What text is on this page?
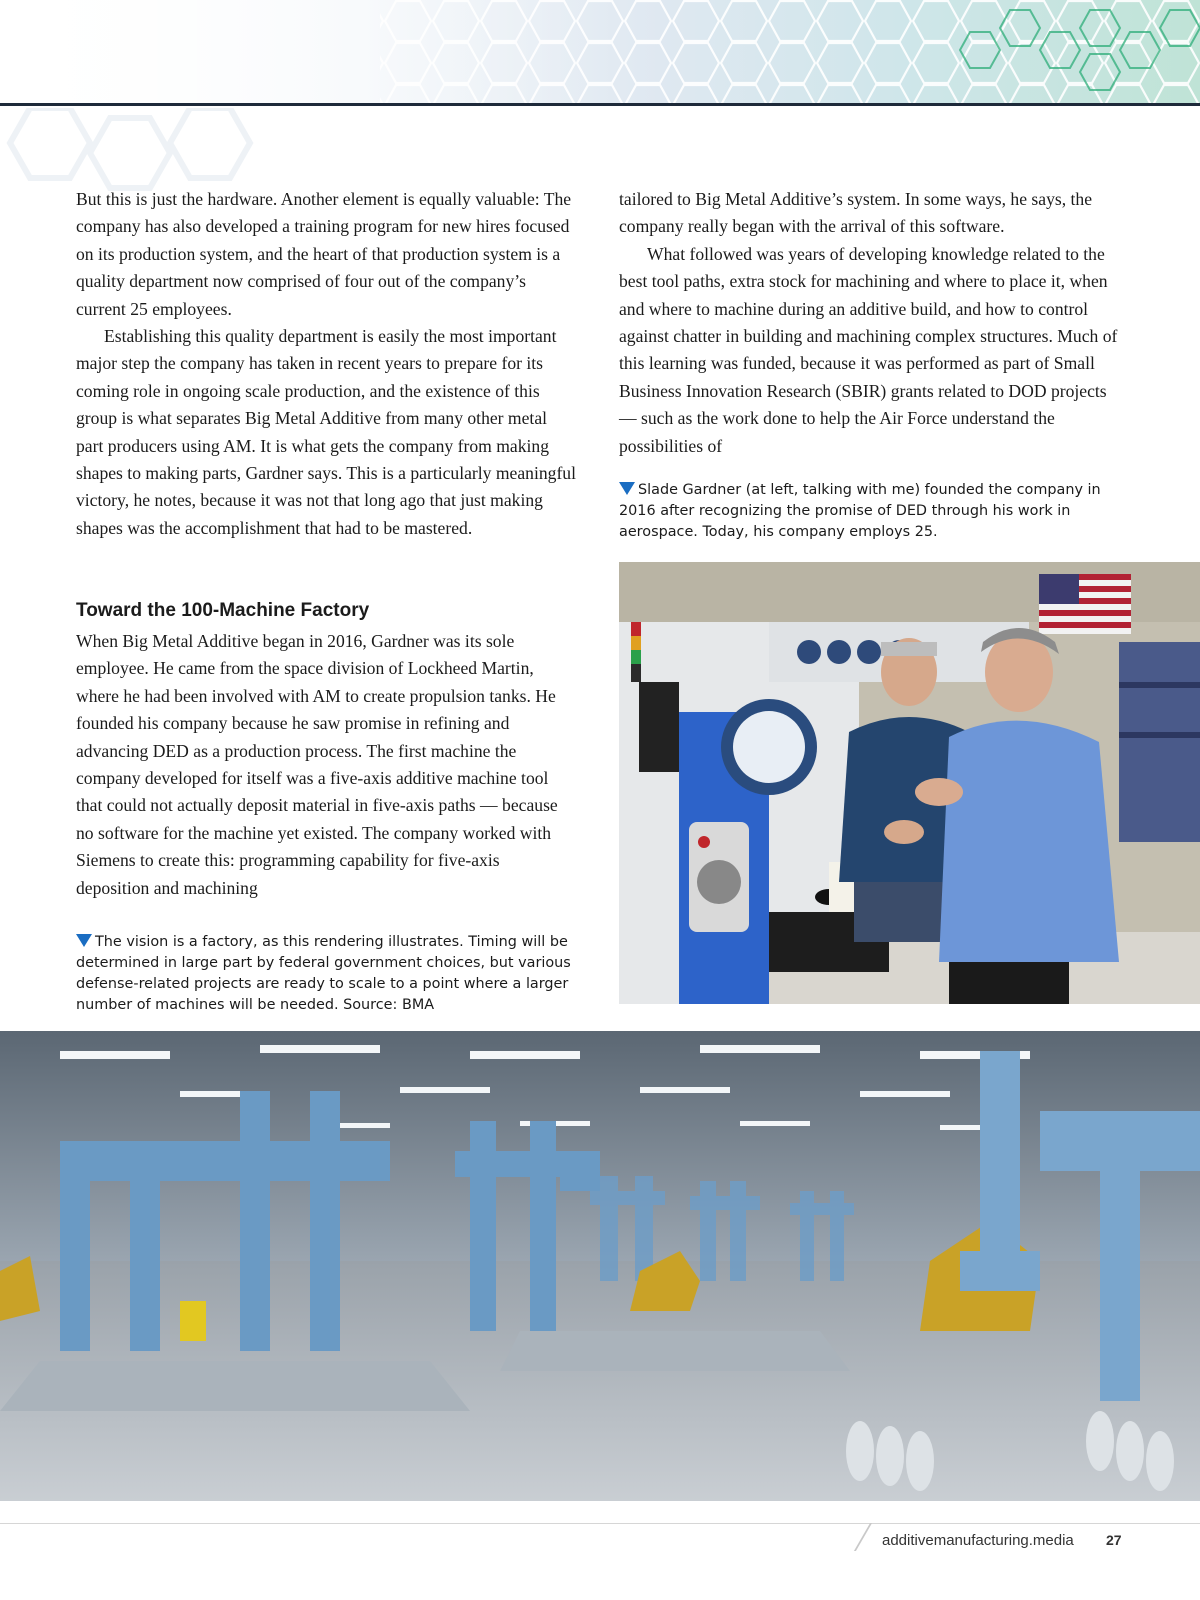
But this is just the hardware. Another element is equally valuable: The company has also developed a training program for new hires focused on its production system, and the heart of that production system is a quality department now comprised of four out of the company’s current 25 employees.

Establishing this quality department is easily the most important major step the company has taken in recent years to prepare for its coming role in ongoing scale production, and the existence of this group is what separates Big Metal Additive from many other metal part producers using AM. It is what gets the company from making shapes to making parts, Gardner says. This is a particularly meaningful victory, he notes, because it was not that long ago that just making shapes was the accomplishment that had to be mastered.

Toward the 100-Machine Factory

When Big Metal Additive began in 2016, Gardner was its sole employee. He came from the space division of Lockheed Martin, where he had been involved with AM to create propulsion tanks. He founded his company because he saw promise in refining and advancing DED as a production process. The first machine the company developed for itself was a five-axis additive machine tool that could not actually deposit material in five-axis paths — because no software for the machine yet existed. The company worked with Siemens to create this: programming capability for five-axis deposition and machining

tailored to Big Metal Additive’s system. In some ways, he says, the company really began with the arrival of this software.

What followed was years of developing knowledge related to the best tool paths, extra stock for machining and where to place it, when and where to machine during an additive build, and how to control against chatter in building and machining complex structures. Much of this learning was funded, because it was performed as part of Small Business Innovation Research (SBIR) grants related to DOD projects — such as the work done to help the Air Force understand the possibilities of

Slade Gardner (at left, talking with me) founded the company in 2016 after recognizing the promise of DED through his work in aerospace. Today, his company employs 25.
The vision is a factory, as this rendering illustrates. Timing will be determined in large part by federal government choices, but various defense-related projects are ready to scale to a point where a larger number of machines will be needed. Source: BMA
additivemanufacturing.media 27
